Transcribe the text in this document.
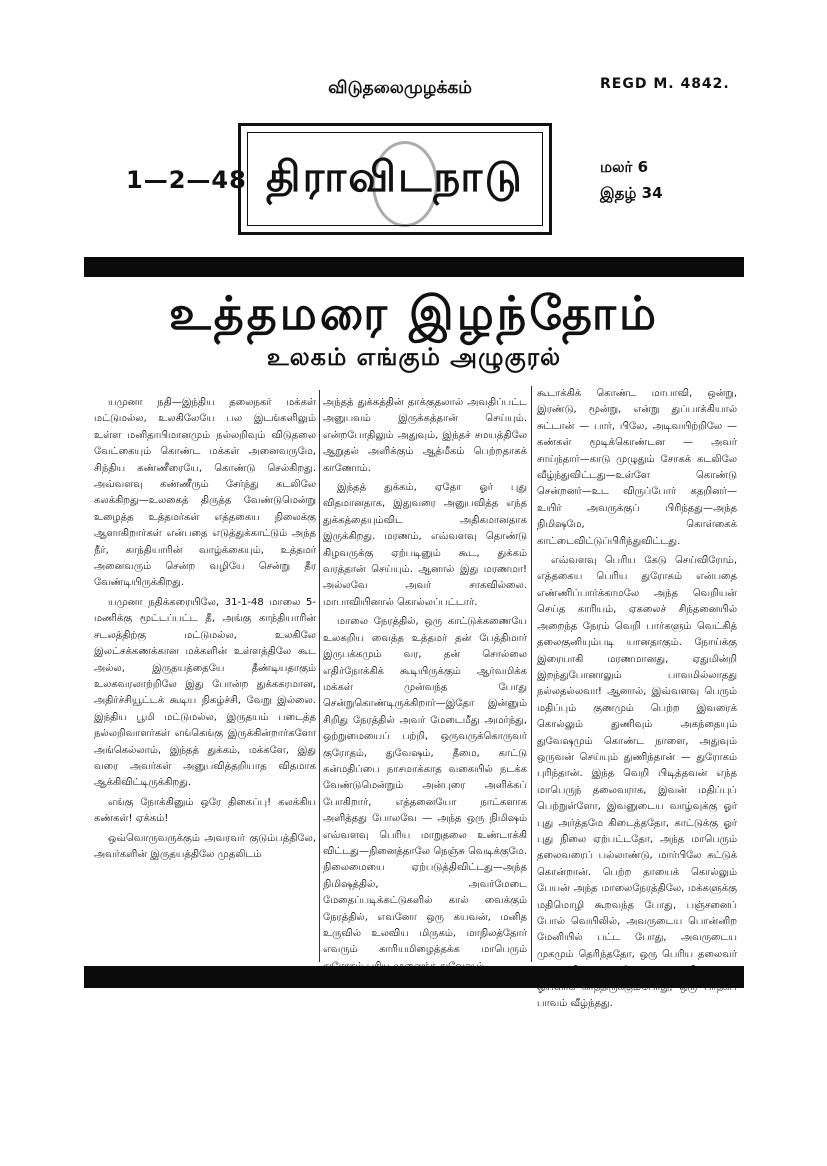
விடுதலைமுழக்கம்	REGD M. 4842.
1—2—48 திராவிடநாடு	மலர் 6
இதழ் 34
உத்தமரை இழந்தோம்
உலகம் எங்கும் அழுகுரல்

யமுனா நதி—இந்திய தலைநகர் மக்கள் மட்டுமல்ல, உலகிலேயே பல இடங்களிலும் உள்ள மனிதாபிமானமும் நல்லறிவும் விடுதலை வேட்கையும் கொண்ட மக்கள் அனைவருமே, சிந்திய கண்ணீரையே, கொண்டு செல்கிறது. அவ்வளவு கண்ணீரும் சேர்ந்து கடலிலே கலக்கிறது—உலகைத் திருத்த வேண்டுமென்று உழைத்த உத்தமர்கள் எத்தகைய நிலைக்கு ஆளாகிறார்கள் என்பதை எடுத்துக்காட்டும் அந்த நீர், காந்தியாரின் வாழ்க்கையும், உத்தமர் அனைவரும் சென்ற வழியே சென்று தீர வேண்டியிருக்கிறது.

யமுனா நதிக்கரையிலே, 31-1-48 மாலை 5-மணிக்கு மூட்டப்பட்ட தீ, அங்கு காந்தியாரின் சடலத்திற்கு மட்டுமல்ல, உலகிலே இலட்சக்கணக்கான மக்களின் உள்ளத்திலே கூட அல்ல, இருதயத்தையே தீண்டியதாகும் உலகவரலாற்றிலே இது போன்ற துக்ககரமான, அதிர்ச்சியூட்டக் கூடிய நிகழ்ச்சி, வேறு இல்லை. இந்திய பூமி மட்டுமல்ல, இருதயம் படைத்த நல்லறிவாளர்கள் எங்கெங்கு இருக்கின்றார்களோ அங்கெல்லாம், இந்தத் துக்கம், மக்களே, இது வரை அவர்கள் அனுபவித்தறியாத விதமாக ஆக்கிவிட்டிருக்கிறது.

எங்கு நோக்கினும் ஒரே திகைப்பு! கலக்கிய கண்கள்! ஏக்கம்!

ஒவ்வொருவருக்கும் அவரவர் குடும்பத்திலே, அவர்களின் இருதயத்திலே முதலிடம்

அந்தத் துக்கத்தின் தாக்குதலால் அவதிப்பட்ட அனுபவம் இருக்கத்தான் செய்யும். என்றபோதிலும் அதுவும், இந்தச் சமயத்திலே ஆறுதல் அளிக்கும் ஆத்மீகம் பெற்றதாகக் காணோம்.

இந்தத் துக்கம், ஏதோ ஓர் புது விதமானதாக, இதுவரை அனுபவித்த எந்த துக்கத்தையும்விட அதிகமானதாக இருக்கிறது. மரணம், எவ்வளவு தொண்டு கிழவருக்கு ஏற்படினும் கூட, துக்கம் வரத்தான் செய்யும். ஆனால் இது மரணமா! அல்லவே அவர் சாகவில்லை. மாபாவியினால் கொல்லப்பட்டார்.

மாலை நேரத்தில், ஒரு காட்டுக்கணையே உலகறிய வைத்த உத்தமர் தன் பேத்திமார் இருபக்கமும் வர, தன் சொல்லை எதிர்நோக்கிக் கூடியிருக்கும் ஆர்வமிக்க மக்கள் முன்வந்த போது சென்றுகொண்டிருக்கிறார்—இதோ இன்னும் சிறிது நேரத்தில் அவர் மேடைமீது அமர்ந்து, ஒற்றுமையைப் பற்றி, ஒருவருக்கொருவர் குரோதம், துவேஷம், தீமை, காட்டு கன்மதிப்பை நாசமாக்காத வகையில் நடக்க வேண்டுமென்றும் அன்புரை அளிக்கப் போகிறார், எத்தனையோ நாட்களாக அளித்தது போலவே — அந்த ஒரு நிமிஷம் எவ்வளவு பெரிய மாறுதலை உண்டாக்கி விட்டது—நினைத்தாலே நெஞ்சு வெடிக்குமே. நிலைமையை ஏற்படுத்திவிட்டது—அந்த நிமிஷத்தில், அவர்மேடை மேதைப்படிக்கட்டுகளில் கால் வைக்கும் நேரத்தில், எவனோ ஒரு கயவன், மனித உருவில் உலவிய மிருகம், மாநிலத்தோர் எவரும் காரியமிழைத்தக்க மாபெரும்

கூடாக்கிக் கொண்ட மாபாவி, ஒன்று, இரண்டு, மூன்று, என்று துப்பாக்கியால் சுட்டான் — பார், பிலே, அடிவயிற்றிலே — கண்கள் மூடிக்கொண்டன — அவர் சாய்ந்தார்—காடு முழுதும் சோகக் கடலிலே வீழ்ந்துவிட்டது—உள்ளே கொண்டு சென்றனர்—உட விருப்போர் கதறினர்—உயிர் அவருக்குப் பிரிந்தது—அந்த நிமிஷமே, கொள்கைக் காட்டைவிட்டுப்பிரிந்துவிட்டது.

எவ்வளவு பெரிய கேடு செய்விரோம், எத்தகைய பெரிய துரோகம் என்பதை எண்ணிப்பார்க்காமலே அந்த வெறியன் செய்த காரியம், ஏகலைச் சிந்தனையில் அறைந்த நேரம் வெறி பார்களும் வெட்கித் தலைகுனியும்படி யானதாகும். நோய்க்கு இரையாகி மரணமானது, ஏதுமின்றி இறந்துபோனாலும் பாவமில்லாதது நல்லதல்லவா! ஆனால், இவ்வளவு பெரும் மதிப்பும் குணமும் பெற்ற இவரைக் கொல்லும் துணிவும் அகந்தையும் துவேஷமும் கொண்ட நாளை, அதுவும் ஒருவன் செய்யும் துணிந்தான் — துரோகம் புரிந்தான். இந்த வெறி பிடித்தவன் எந்த மாபெருந் தலைவராக, இவன் மதிப்புப் பெற்றுள்ளோ, இவனுடைய வாழ்வுக்கு ஓர் புது அர்த்தமே கிடைத்ததோ, காட்டுக்கு ஓர் புது நிலை ஏற்பட்டதோ, அந்த மாபெரும் தலைவரைப் பல்லாண்டு, மார்பிலே சுட்டுக் கொன்றான். பெற்ற தாயைக் கொல்லும் பேயன் அந்த மாலைநேரத்திலே, மக்களுக்கு மதிமொழி கூறவந்த போது, பஞ்சனைப் போல் வெயிலில், அவருடைய பொன்னிற மேனியில் பட்ட போது, அவருடைய முகமும் தெரிந்ததோ, ஒரு பெரிய தலைவர் பாவம் வீழ்ந்தது.
